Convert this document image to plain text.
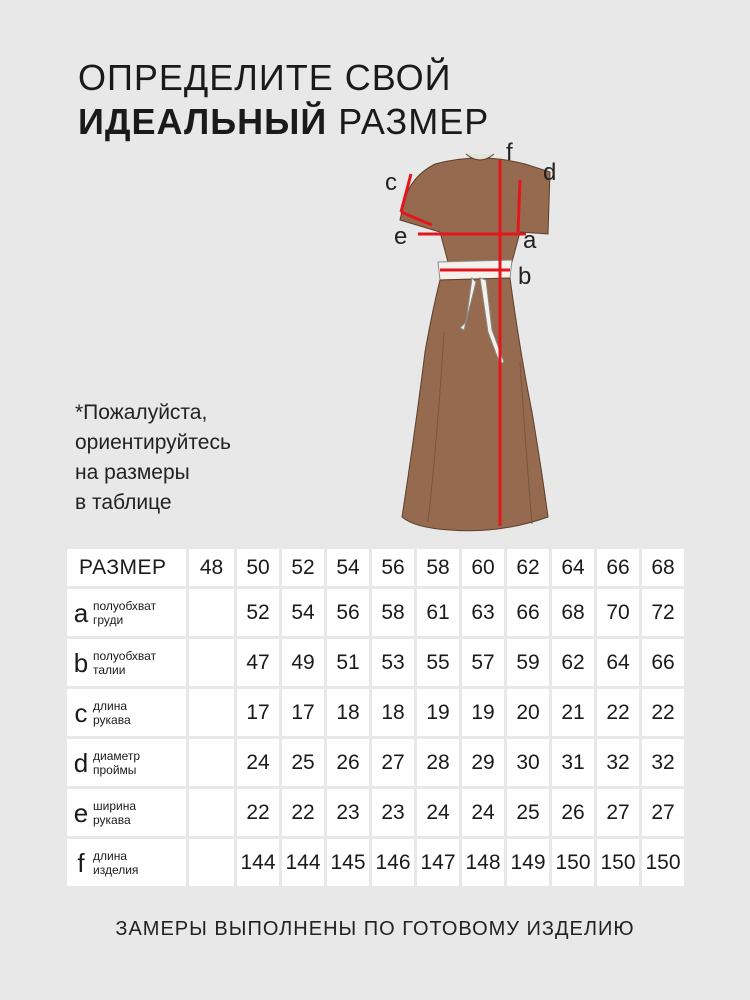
ОПРЕДЕЛИТЕ СВОЙ
ИДЕАЛЬНЫЙ РАЗМЕР
*Пожалуйста,
ориентируйтесь
на размеры
в таблице
f
d
c
e	a
b
РАЗМЕР	48	50	52	54	56	58	60	62	64	66	68

a полуобхват
груди		52	54	56	58	61	63	66	68	70	72

b полуобхват
талии		47	49	51	53	55	57	59	62	64	66

c длина
рукава		17	17	18	18	19	19	20	21	22	22

d диаметр
проймы		24	25	26	27	28	29	30	31	32	32

e ширина
рукава		22	22	23	23	24	24	25	26	27	27

f длина
изделия		144	144	145	146	147	148	149	150	150	150
ЗАМЕРЫ ВЫПОЛНЕНЫ ПО ГОТОВОМУ ИЗДЕЛИЮ
